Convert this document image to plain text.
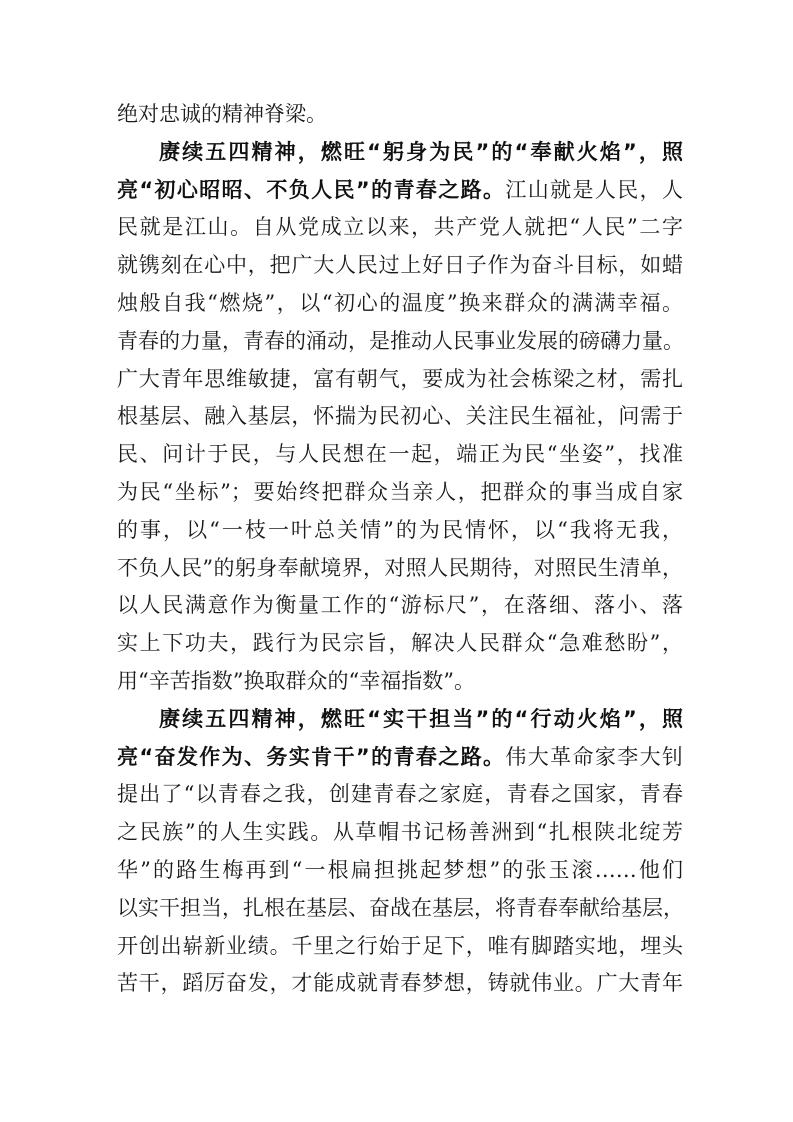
绝对忠诚的精神脊梁。
赓续五四精神，燃旺“躬身为民”的“奉献火焰”，照
亮“初心昭昭、不负人民”的青春之路。江山就是人民，人
民就是江山。自从党成立以来，共产党人就把“人民”二字
就镌刻在心中，把广大人民过上好日子作为奋斗目标，如蜡
烛般自我“燃烧”，以“初心的温度”换来群众的满满幸福。
青春的力量，青春的涌动，是推动人民事业发展的磅礴力量。
广大青年思维敏捷，富有朝气，要成为社会栋梁之材，需扎
根基层、融入基层，怀揣为民初心、关注民生福祉，问需于
民、问计于民，与人民想在一起，端正为民“坐姿”，找准
为民“坐标”；要始终把群众当亲人，把群众的事当成自家
的事，以“一枝一叶总关情”的为民情怀，以“我将无我，
不负人民”的躬身奉献境界，对照人民期待，对照民生清单，
以人民满意作为衡量工作的“游标尺”，在落细、落小、落
实上下功夫，践行为民宗旨，解决人民群众“急难愁盼”，
用“辛苦指数”换取群众的“幸福指数”。
赓续五四精神，燃旺“实干担当”的“行动火焰”，照
亮“奋发作为、务实肯干”的青春之路。伟大革命家李大钊
提出了“以青春之我，创建青春之家庭，青春之国家，青春
之民族”的人生实践。从草帽书记杨善洲到“扎根陕北绽芳
华”的路生梅再到“一根扁担挑起梦想”的张玉滚……他们
以实干担当，扎根在基层、奋战在基层，将青春奉献给基层，
开创出崭新业绩。千里之行始于足下，唯有脚踏实地，埋头
苦干，蹈厉奋发，才能成就青春梦想，铸就伟业。广大青年
